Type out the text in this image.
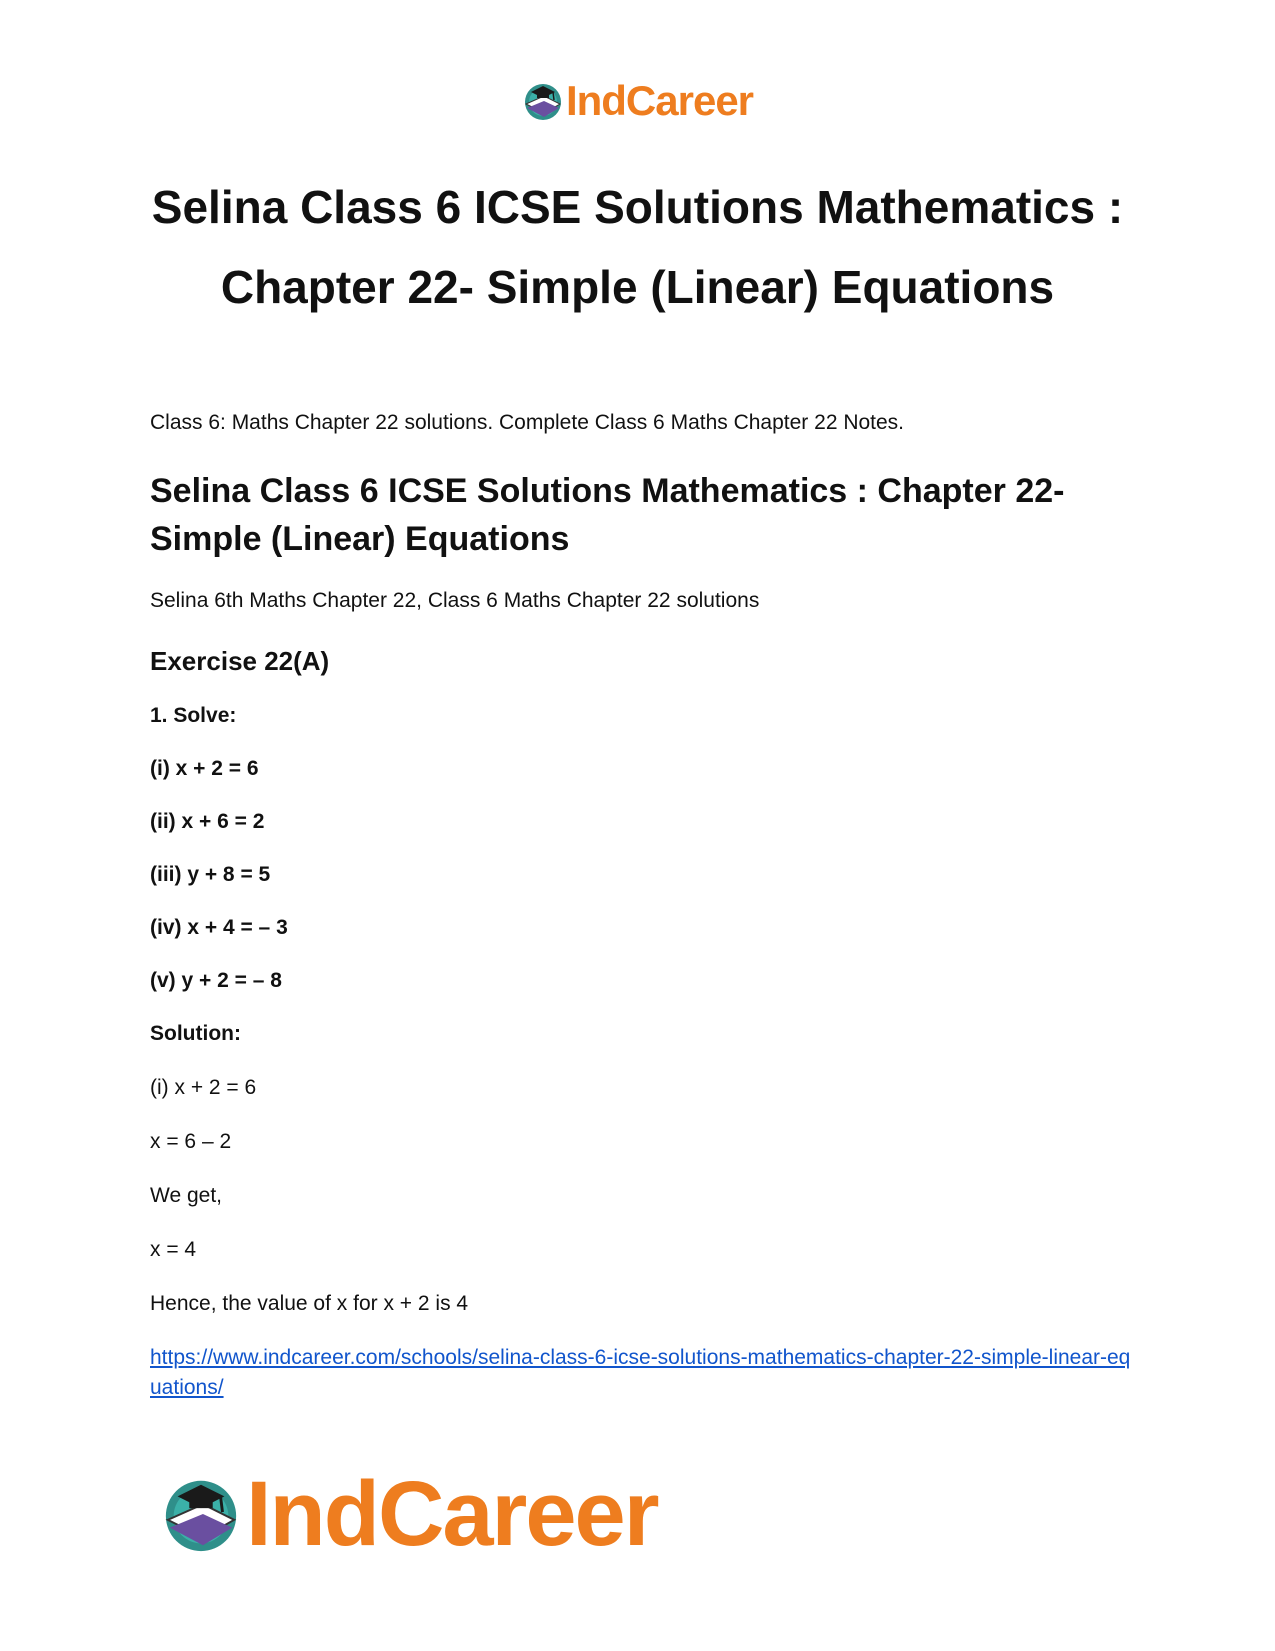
IndCareer
Selina Class 6 ICSE Solutions Mathematics :
Chapter 22- Simple (Linear) Equations

Class 6: Maths Chapter 22 solutions. Complete Class 6 Maths Chapter 22 Notes.

Selina Class 6 ICSE Solutions Mathematics : Chapter 22- Simple (Linear) Equations

Selina 6th Maths Chapter 22, Class 6 Maths Chapter 22 solutions

Exercise 22(A)

1. Solve:

(i) x + 2 = 6

(ii) x + 6 = 2

(iii) y + 8 = 5

(iv) x + 4 = – 3

(v) y + 2 = – 8

Solution:

(i) x + 2 = 6

x = 6 – 2

We get,

x = 4

Hence, the value of x for x + 2 is 4

https://www.indcareer.com/schools/selina-class-6-icse-solutions-mathematics-chapter-22-simple-linear-equations/
IndCareer
